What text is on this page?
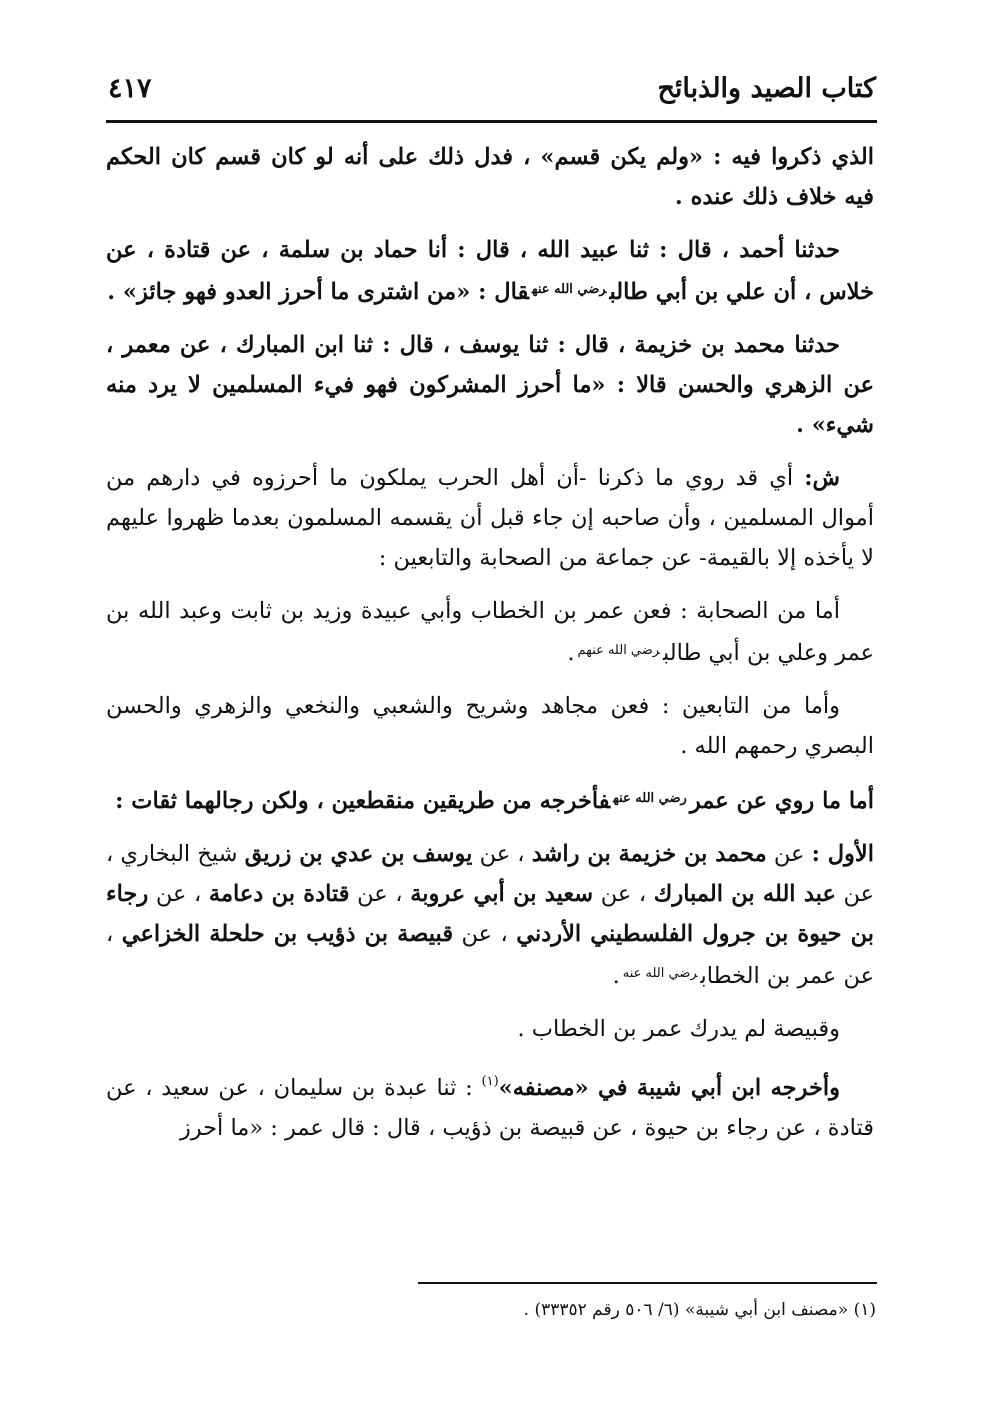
كتاب الصيد والذبائح
٤١٧

الذي ذكروا فيه : «ولم يكن قسم» ، فدل ذلك على أنه لو كان قسم كان الحكم فيه خلاف ذلك عنده .

حدثنا أحمد ، قال : ثنا عبيد الله ، قال : أنا حماد بن سلمة ، عن قتادة ، عن خلاس ، أن علي بن أبي طالب$^{رضي الله عنه}$قال : «من اشترى ما أحرز العدو فهو جائز» .

حدثنا محمد بن خزيمة ، قال : ثنا يوسف ، قال : ثنا ابن المبارك ، عن معمر ، عن الزهري والحسن قالا : «ما أحرز المشركون فهو فيء المسلمين لا يرد منه شيء» .

ش: أي قد روي ما ذكرنا -أن أهل الحرب يملكون ما أحرزوه في دارهم من أموال المسلمين ، وأن صاحبه إن جاء قبل أن يقسمه المسلمون بعدما ظهروا عليهم لا يأخذه إلا بالقيمة- عن جماعة من الصحابة والتابعين :

أما من الصحابة : فعن عمر بن الخطاب وأبي عبيدة وزيد بن ثابت وعبد الله بن عمر وعلي بن أبي طالب$^{رضي الله عنهم}$.

وأما من التابعين : فعن مجاهد وشريح والشعبي والنخعي والزهري والحسن البصري رحمهم الله .

أما ما روي عن عمر$^{رضي الله عنه}$فأخرجه من طريقين منقطعين ، ولكن رجالهما ثقات :

الأول : عن محمد بن خزيمة بن راشد ، عن يوسف بن عدي بن زريق شيخ البخاري ، عن عبد الله بن المبارك ، عن سعيد بن أبي عروبة ، عن قتادة بن دعامة ، عن رجاء بن حيوة بن جرول الفلسطيني الأردني ، عن قبيصة بن ذؤيب بن حلحلة الخزاعي ، عن عمر بن الخطاب$^{رضي الله عنه}$.

وقبيصة لم يدرك عمر بن الخطاب .

وأخرجه ابن أبي شيبة في «مصنفه»$^{(١)}$ : ثنا عبدة بن سليمان ، عن سعيد ، عن قتادة ، عن رجاء بن حيوة ، عن قبيصة بن ذؤيب ، قال : قال عمر : «ما أحرز

(١) «مصنف ابن أبي شيبة» (٦/ ٥٠٦ رقم ٣٣٣٥٢) .
